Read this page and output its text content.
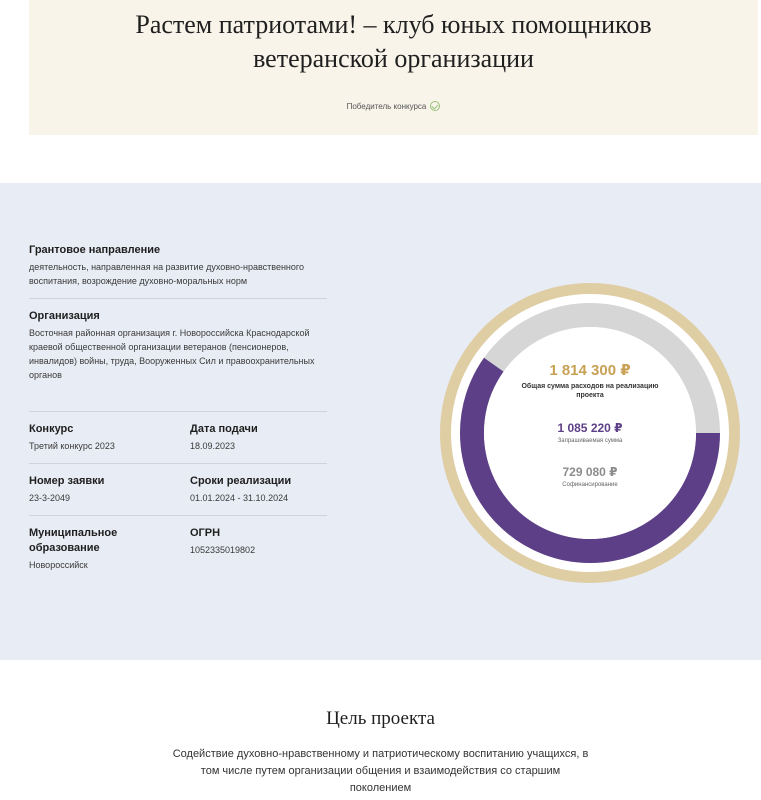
Растем патриотами! – клуб юных помощников ветеранской организации
Победитель конкурса
Грантовое направление
деятельность, направленная на развитие духовно-нравственного воспитания, возрождение духовно-моральных норм
Организация
Восточная районная организация г. Новороссийска Краснодарской краевой общественной организации ветеранов (пенсионеров, инвалидов) войны, труда, Вооруженных Сил и правоохранительных органов
Конкурс
Третий конкурс 2023
Дата подачи
18.09.2023
Номер заявки
23-3-2049
Сроки реализации
01.01.2024 - 31.10.2024
Муниципальное образование
Новороссийск
ОГРН
1052335019802
1 814 300 ₽
Общая сумма расходов на реализацию проекта
1 085 220 ₽
Запрашиваемая сумма
729 080 ₽
Софинансирование
Цель проекта

Содействие духовно-нравственному и патриотическому воспитанию учащихся, в том числе путем организации общения и взаимодействия со старшим поколением
